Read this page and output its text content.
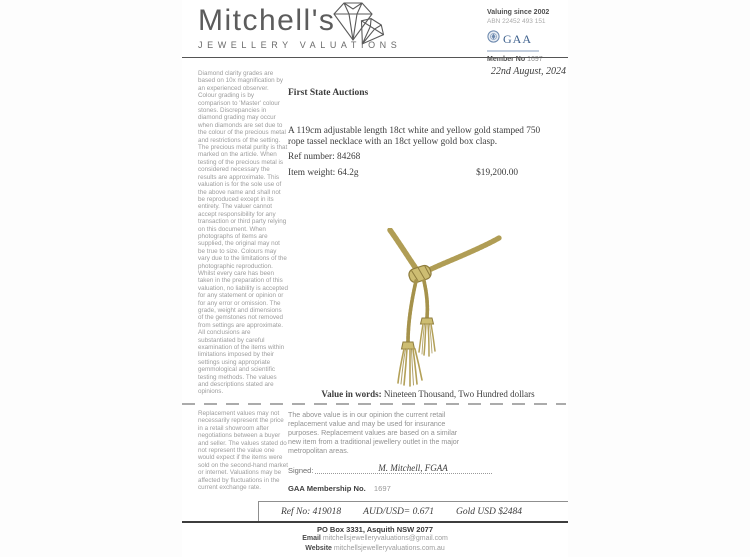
Mitchell's
JEWELLERY VALUATIONS
Valuing since 2002
ABN 22452 493 151
GAA
Member No 1697
Diamond clarity grades are based on 10x magnification by an experienced observer. Colour grading is by comparison to 'Master' colour stones. Discrepancies in diamond grading may occur when diamonds are set due to the colour of the precious metal and restrictions of the setting. The precious metal purity is that marked on the article. When testing of the precious metal is considered necessary the results are approximate. This valuation is for the sole use of the above name and shall not be reproduced except in its entirety. The valuer cannot accept responsibility for any transaction or third party relying on this document. When photographs of items are supplied, the original may not be true to size. Colours may vary due to the limitations of the photographic reproduction. Whilst every care has been taken in the preparation of this valuation, no liability is accepted for any statement or opinion or for any error or omission. The grade, weight and dimensions of the gemstones not removed from settings are approximate. All conclusions are substantiated by careful examination of the items within limitations imposed by their settings using appropriate gemmological and scientific testing methods. The values and descriptions stated are opinions.
Replacement values may not necessarily represent the price in a retail showroom after negotiations between a buyer and seller. The values stated do not represent the value one would expect if the items were sold on the second-hand market or internet. Valuations may be affected by fluctuations in the current exchange rate.
22nd August, 2024
First State Auctions
A 119cm adjustable length 18ct white and yellow gold stamped 750 rope tassel necklace with an 18ct yellow gold box clasp.
Ref number: 84268
Item weight: 64.2g	$19,200.00
Value in words: Nineteen Thousand, Two Hundred dollars
The above value is in our opinion the current retail replacement value and may be used for insurance purposes. Replacement values are based on a similar new item from a traditional jewellery outlet in the major metropolitan areas.
Signed:	M. Mitchell, FGAA
GAA Membership No. 1697
Ref No: 419018 AUD/USD= 0.671 Gold USD $2484
PO Box 3331, Asquith NSW 2077
Email mitchellsjewelleryvaluations@gmail.com
Website mitchellsjewelleryvaluations.com.au
